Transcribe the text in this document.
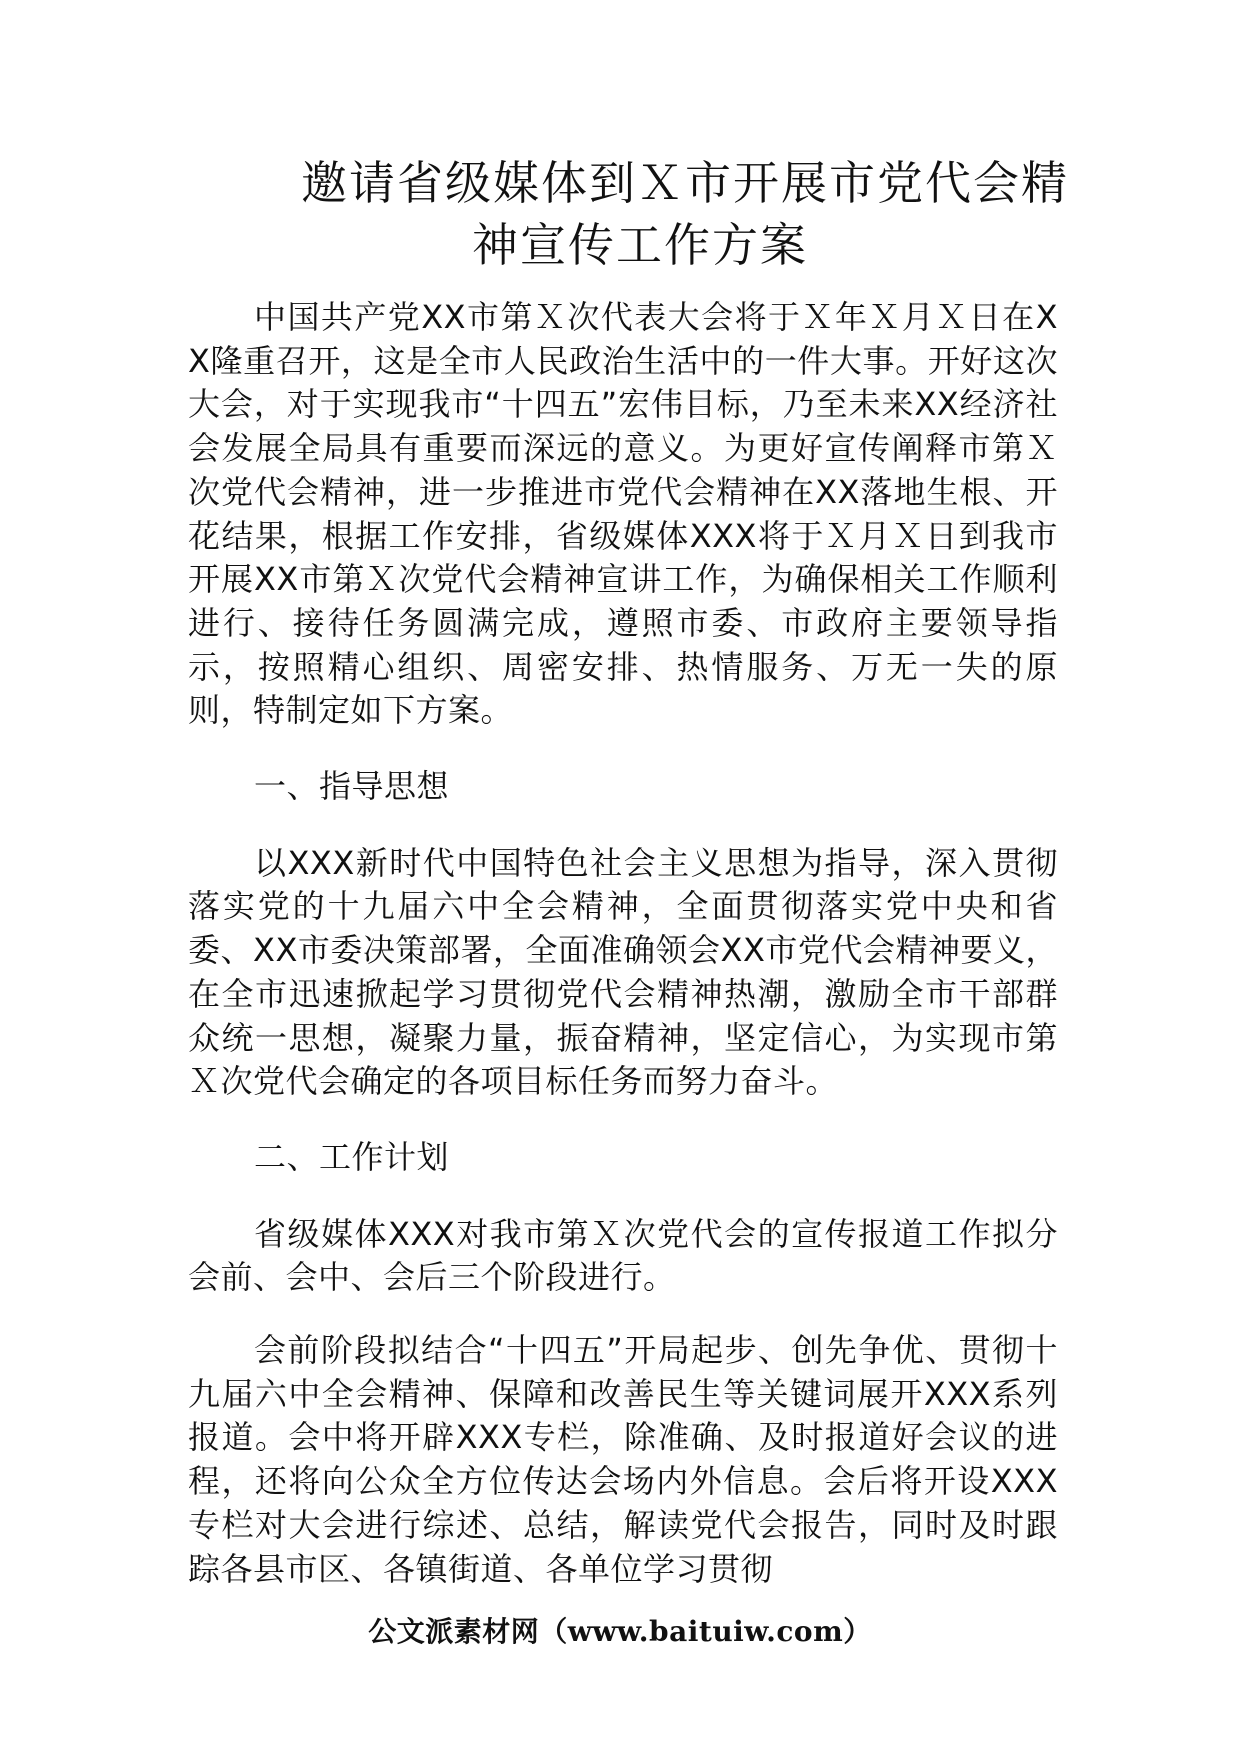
邀请省级媒体到Ｘ市开展市党代会精
神宣传工作方案

中国共产党XX市第Ｘ次代表大会将于Ｘ年Ｘ月Ｘ日在XX隆重召开，这是全市人民政治生活中的一件大事。开好这次大会，对于实现我市“十四五”宏伟目标，乃至未来XX经济社会发展全局具有重要而深远的意义。为更好宣传阐释市第Ｘ次党代会精神，进一步推进市党代会精神在XX落地生根、开花结果，根据工作安排，省级媒体XXX将于Ｘ月Ｘ日到我市开展XX市第Ｘ次党代会精神宣讲工作，为确保相关工作顺利进行、接待任务圆满完成，遵照市委、市政府主要领导指示，按照精心组织、周密安排、热情服务、万无一失的原则，特制定如下方案。

一、指导思想

以XXX新时代中国特色社会主义思想为指导，深入贯彻落实党的十九届六中全会精神，全面贯彻落实党中央和省委、XX市委决策部署，全面准确领会XX市党代会精神要义，在全市迅速掀起学习贯彻党代会精神热潮，激励全市干部群众统一思想，凝聚力量，振奋精神，坚定信心，为实现市第Ｘ次党代会确定的各项目标任务而努力奋斗。

二、工作计划

省级媒体XXX对我市第Ｘ次党代会的宣传报道工作拟分会前、会中、会后三个阶段进行。

会前阶段拟结合“十四五”开局起步、创先争优、贯彻十九届六中全会精神、保障和改善民生等关键词展开XXX系列报道。会中将开辟XXX专栏，除准确、及时报道好会议的进程，还将向公众全方位传达会场内外信息。会后将开设XXX专栏对大会进行综述、总结，解读党代会报告，同时及时跟踪各县市区、各镇街道、各单位学习贯彻

公文派素材网（www.baituiw.com）
